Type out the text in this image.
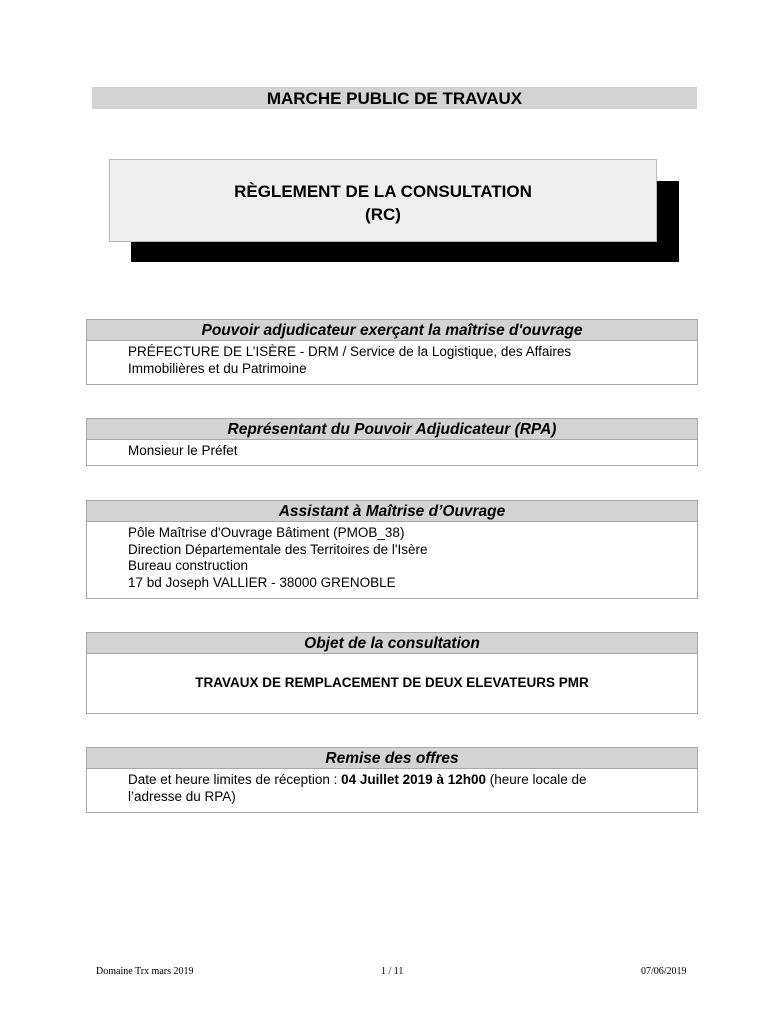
MARCHE PUBLIC DE TRAVAUX
RÈGLEMENT DE LA CONSULTATION
(RC)
Pouvoir adjudicateur exerçant la maîtrise d'ouvrage
PRÉFECTURE DE L’ISÈRE - DRM / Service de la Logistique, des Affaires
Immobilières et du Patrimoine
Représentant du Pouvoir Adjudicateur (RPA)
Monsieur le Préfet
Assistant à Maîtrise d’Ouvrage
Pôle Maîtrise d'Ouvrage Bâtiment (PMOB_38)
Direction Départementale des Territoires de l'Isère
Bureau construction
17 bd Joseph VALLIER - 38000 GRENOBLE
Objet de la consultation
TRAVAUX DE REMPLACEMENT DE DEUX ELEVATEURS PMR
Remise des offres
Date et heure limites de réception : 04 Juillet 2019 à 12h00 (heure locale de
l’adresse du RPA)
Domaine Trx mars 2019	1 / 11	07/06/2019
